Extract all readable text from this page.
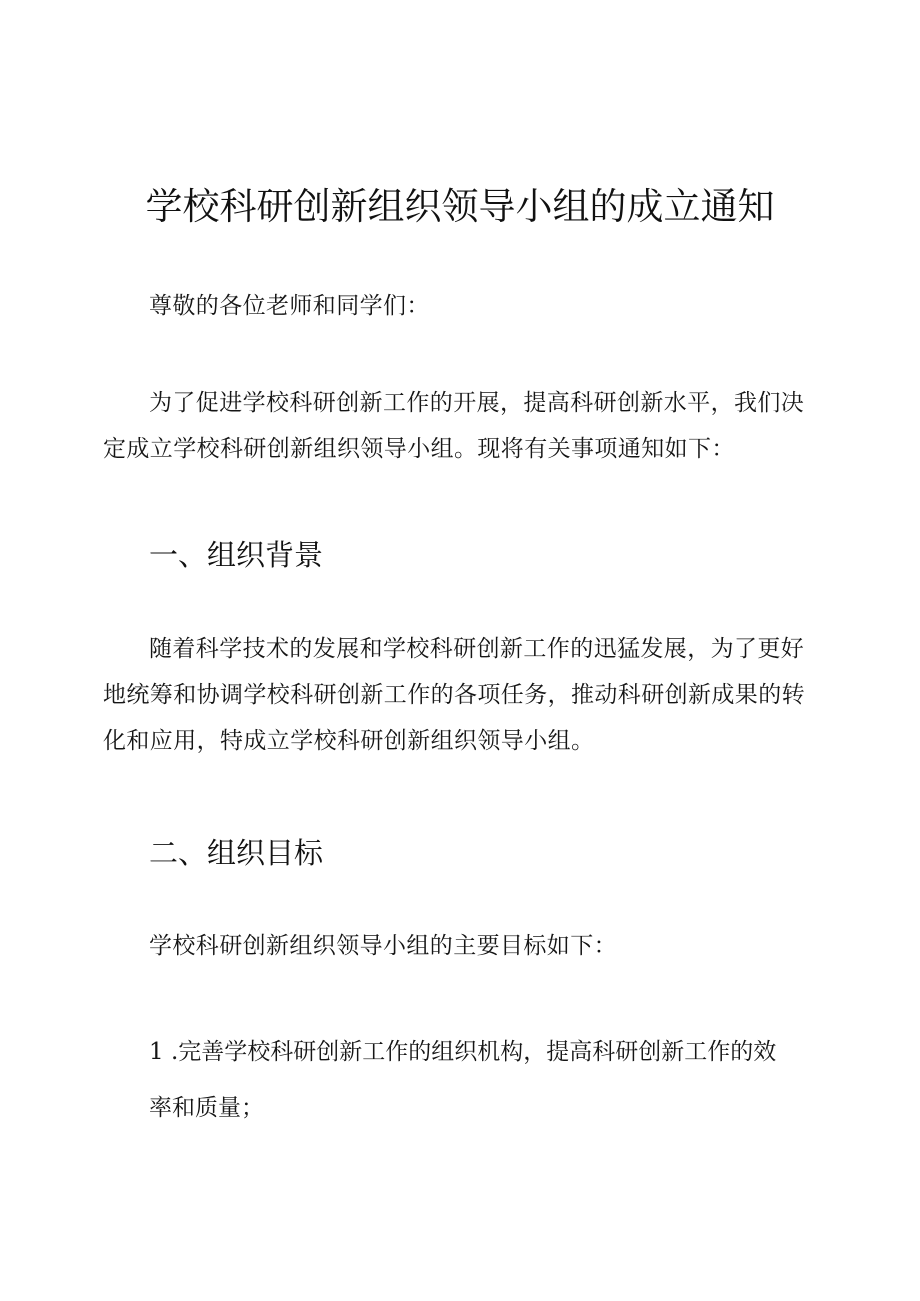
学校科研创新组织领导小组的成立通知

尊敬的各位老师和同学们：

为了促进学校科研创新工作的开展，提高科研创新水平，我们决定成立学校科研创新组织领导小组。现将有关事项通知如下：

一、组织背景

随着科学技术的发展和学校科研创新工作的迅猛发展，为了更好地统筹和协调学校科研创新工作的各项任务，推动科研创新成果的转化和应用，特成立学校科研创新组织领导小组。

二、组织目标

学校科研创新组织领导小组的主要目标如下：

1 .完善学校科研创新工作的组织机构，提高科研创新工作的效
率和质量；
